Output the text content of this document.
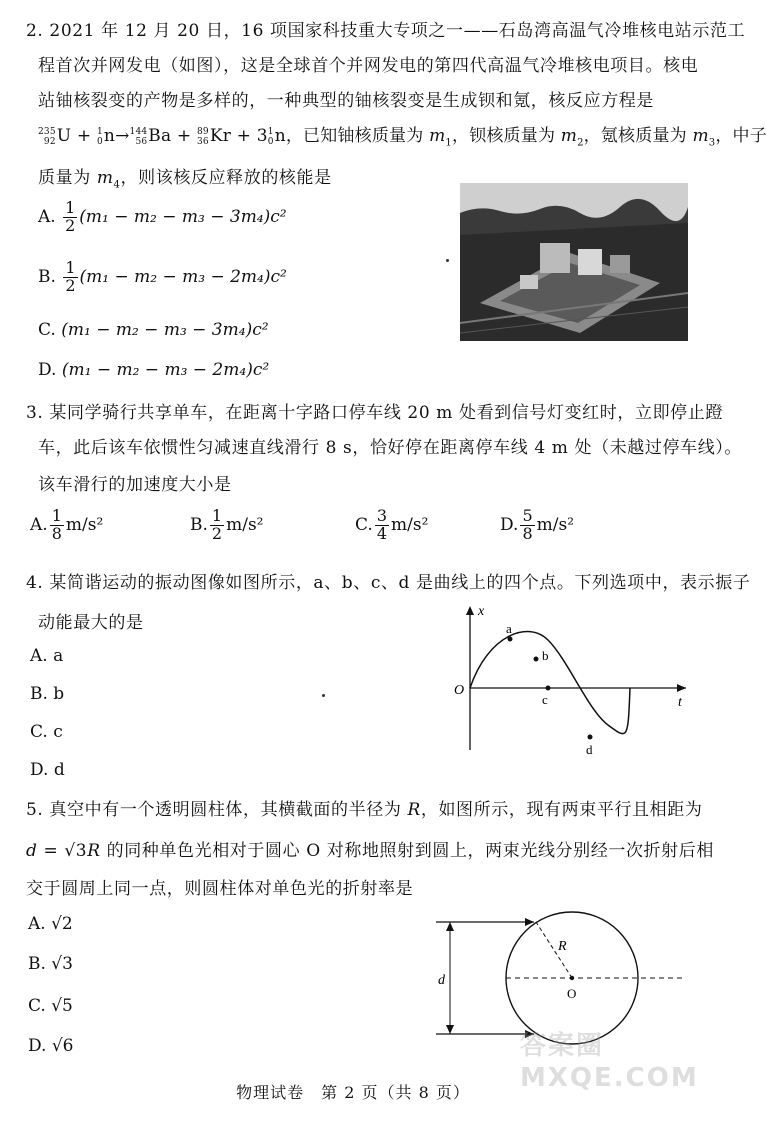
2. 2021 年 12 月 20 日，16 项国家科技重大专项之一——石岛湾高温气冷堆核电站示范工
程首次并网发电（如图），这是全球首个并网发电的第四代高温气冷堆核电项目。核电
站铀核裂变的产物是多样的，一种典型的铀核裂变是生成钡和氪，核反应方程是
235
92 U + 1
0 n→ 144
56 Ba + 89
36 Kr + 3 1
0 n，已知铀核质量为 $m_1$，钡核质量为 $m_2$，氪核质量为 $m_3$，中子
质量为 $m_4$，则该核反应释放的核能是
A. $\frac{1}{2} (m_1 - m_2 - m_3 - 3m_4)c^2$
B. $\frac{1}{2} (m_1 - m_2 - m_3 - 2m_4)c^2$
C. (m₁ − m₂ − m₃ − 3m₄)c²
D. (m₁ − m₂ − m₃ − 2m₄)c²
3. 某同学骑行共享单车，在距离十字路口停车线 20 m 处看到信号灯变红时，立即停止蹬
车，此后该车依惯性匀减速直线滑行 8 s，恰好停在距离停车线 4 m 处（未越过停车线）。
该车滑行的加速度大小是
A. $\frac{1}{8} m/s^2$	B. $\frac{1}{2} m/s^2$	C. $\frac{3}{4} m/s^2$	D. $\frac{5}{8} m/s^2$
4. 某简谐运动的振动图像如图所示，a、b、c、d 是曲线上的四个点。下列选项中，表示振子
动能最大的是
A. a
B. b
C. c
D. d
x
t
O
a
b
c
d
5. 真空中有一个透明圆柱体，其横截面的半径为 R，如图所示，现有两束平行且相距为
d = √3R 的同种单色光相对于圆心 O 对称地照射到圆上，两束光线分别经一次折射后相
交于圆周上同一点，则圆柱体对单色光的折射率是
A. √2
B. √3
C. √5
D. √6
d
R
O
答案圈 MXQE.COM
物理试卷　第 2 页（共 8 页）
